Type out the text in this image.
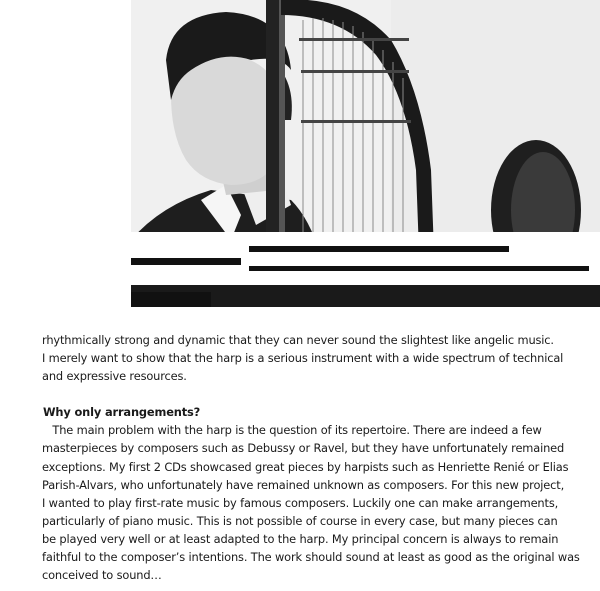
rhythmically strong and dynamic that they can never sound the slightest like angelic music.

I merely want to show that the harp is a serious instrument with a wide spectrum of technical

and expressive resources.

Why only arrangements?

The main problem with the harp is the question of its repertoire. There are indeed a few

masterpieces by composers such as Debussy or Ravel, but they have unfortunately remained

exceptions. My first 2 CDs showcased great pieces by harpists such as Henriette Renié or Elias

Parish-Alvars, who unfortunately have remained unknown as composers. For this new project,

I wanted to play first-rate music by famous composers. Luckily one can make arrangements,

particularly of piano music. This is not possible of course in every case, but many pieces can

be played very well or at least adapted to the harp. My principal concern is always to remain

faithful to the composer’s intentions. The work should sound at least as good as the original was

conceived to sound…
